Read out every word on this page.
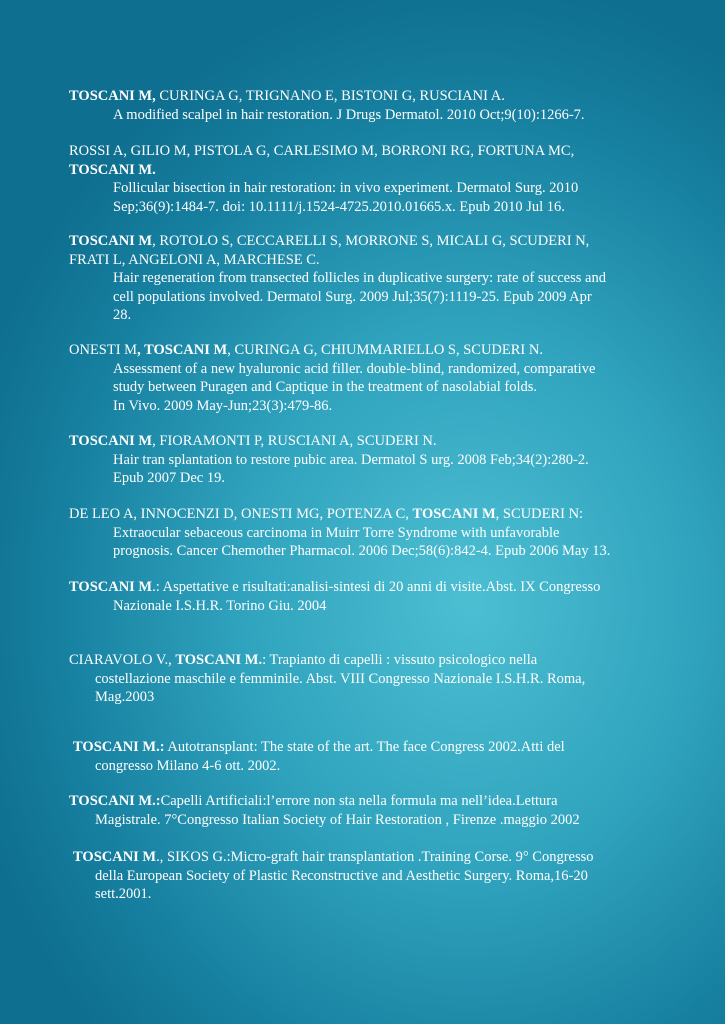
TOSCANI M, CURINGA G, TRIGNANO E, BISTONI G, RUSCIANI A.
A modified scalpel in hair restoration. J Drugs Dermatol. 2010 Oct;9(10):1266-7.
ROSSI A, GILIO M, PISTOLA G, CARLESIMO M, BORRONI RG, FORTUNA MC,
TOSCANI M.
Follicular bisection in hair restoration: in vivo experiment. Dermatol Surg. 2010
Sep;36(9):1484-7. doi: 10.1111/j.1524-4725.2010.01665.x. Epub 2010 Jul 16.
TOSCANI M, ROTOLO S, CECCARELLI S, MORRONE S, MICALI G, SCUDERI N,
FRATI L, ANGELONI A, MARCHESE C.
Hair regeneration from transected follicles in duplicative surgery: rate of success and
cell populations involved. Dermatol Surg. 2009 Jul;35(7):1119-25. Epub 2009 Apr
28.
ONESTI M, TOSCANI M, CURINGA G, CHIUMMARIELLO S, SCUDERI N.
Assessment of a new hyaluronic acid filler. double-blind, randomized, comparative
study between Puragen and Captique in the treatment of nasolabial folds.
In Vivo. 2009 May-Jun;23(3):479-86.
TOSCANI M, FIORAMONTI P, RUSCIANI A, SCUDERI N.
Hair tran splantation to restore pubic area. Dermatol S urg. 2008 Feb;34(2):280-2.
Epub 2007 Dec 19.
DE LEO A, INNOCENZI D, ONESTI MG, POTENZA C, TOSCANI M, SCUDERI N:
Extraocular sebaceous carcinoma in Muirr Torre Syndrome with unfavorable
prognosis. Cancer Chemother Pharmacol. 2006 Dec;58(6):842-4. Epub 2006 May 13.
TOSCANI M.: Aspettative e risultati:analisi-sintesi di 20 anni di visite.Abst. IX Congresso
Nazionale I.S.H.R. Torino Giu. 2004
CIARAVOLO V., TOSCANI M.: Trapianto di capelli : vissuto psicologico nella
costellazione maschile e femminile. Abst. VIII Congresso Nazionale I.S.H.R. Roma,
Mag.2003
TOSCANI M.: Autotransplant: The state of the art. The face Congress 2002.Atti del
congresso Milano 4-6 ott. 2002.
TOSCANI M.:Capelli Artificiali:l’errore non sta nella formula ma nell’idea.Lettura
Magistrale. 7°Congresso Italian Society of Hair Restoration , Firenze .maggio 2002
TOSCANI M., SIKOS G.:Micro-graft hair transplantation .Training Corse. 9° Congresso
della European Society of Plastic Reconstructive and Aesthetic Surgery. Roma,16-20
sett.2001.
